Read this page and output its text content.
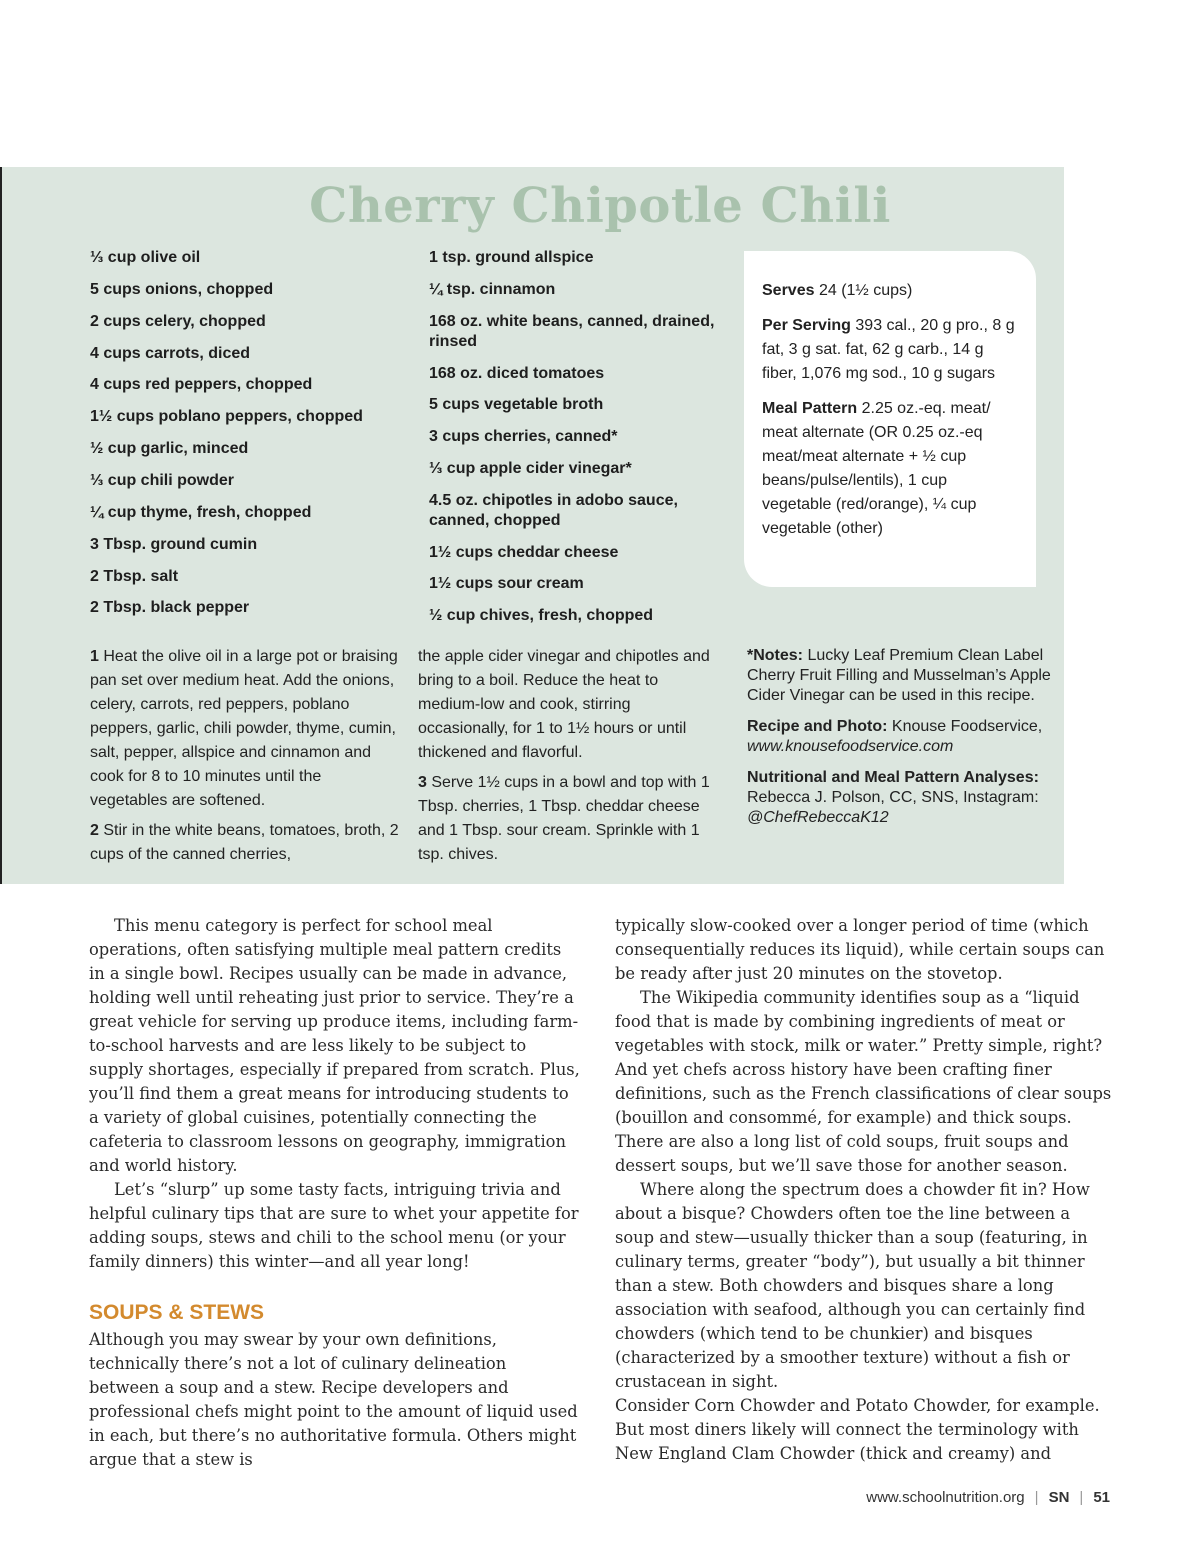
Cherry Chipotle Chili
⅓ cup olive oil
5 cups onions, chopped
2 cups celery, chopped
4 cups carrots, diced
4 cups red peppers, chopped
1½ cups poblano peppers, chopped
½ cup garlic, minced
⅓ cup chili powder
¼ cup thyme, fresh, chopped
3 Tbsp. ground cumin
2 Tbsp. salt
2 Tbsp. black pepper
1 tsp. ground allspice
¼ tsp. cinnamon
168 oz. white beans, canned, drained, rinsed
168 oz. diced tomatoes
5 cups vegetable broth
3 cups cherries, canned*
⅓ cup apple cider vinegar*
4.5 oz. chipotles in adobo sauce, canned, chopped
1½ cups cheddar cheese
1½ cups sour cream
½ cup chives, fresh, chopped

Serves 24 (1½ cups)

Per Serving 393 cal., 20 g pro., 8 g fat, 3 g sat. fat, 62 g carb., 14 g fiber, 1,076 mg sod., 10 g sugars

Meal Pattern 2.25 oz.-eq. meat/ meat alternate (OR 0.25 oz.-eq meat/meat alternate + ½ cup beans/pulse/lentils), 1 cup vegetable (red/orange), ¼ cup vegetable (other)

1 Heat the olive oil in a large pot or braising pan set over medium heat. Add the onions, celery, carrots, red peppers, poblano peppers, garlic, chili powder, thyme, cumin, salt, pepper, allspice and cinnamon and cook for 8 to 10 minutes until the vegetables are softened.

2 Stir in the white beans, tomatoes, broth, 2 cups of the canned cherries,

the apple cider vinegar and chipotles and bring to a boil. Reduce the heat to medium-low and cook, stirring occasionally, for 1 to 1½ hours or until thickened and flavorful.

3 Serve 1½ cups in a bowl and top with 1 Tbsp. cherries, 1 Tbsp. cheddar cheese and 1 Tbsp. sour cream. Sprinkle with 1 tsp. chives.

*Notes: Lucky Leaf Premium Clean Label Cherry Fruit Filling and Musselman’s Apple Cider Vinegar can be used in this recipe.

Recipe and Photo: Knouse Foodservice,
www.knousefoodservice.com

Nutritional and Meal Pattern Analyses: Rebecca J. Polson, CC, SNS, Instagram: @ChefRebeccaK12

This menu category is perfect for school meal operations, often satisfying multiple meal pattern credits in a single bowl. Recipes usually can be made in advance, holding well until reheating just prior to service. They’re a great vehicle for serving up produce items, including farm-to-school harvests and are less likely to be subject to supply shortages, especially if prepared from scratch. Plus, you’ll find them a great means for introducing students to a variety of global cuisines, potentially connecting the cafeteria to classroom lessons on geography, immigration and world history.

Let’s “slurp” up some tasty facts, intriguing trivia and helpful culinary tips that are sure to whet your appetite for adding soups, stews and chili to the school menu (or your family dinners) this winter—and all year long!

SOUPS & STEWS

Although you may swear by your own definitions, technically there’s not a lot of culinary delineation between a soup and a stew. Recipe developers and professional chefs might point to the amount of liquid used in each, but there’s no authoritative formula. Others might argue that a stew is

typically slow-cooked over a longer period of time (which consequentially reduces its liquid), while certain soups can be ready after just 20 minutes on the stovetop.

The Wikipedia community identifies soup as a “liquid food that is made by combining ingredients of meat or vegetables with stock, milk or water.” Pretty simple, right? And yet chefs across history have been crafting finer definitions, such as the French classifications of clear soups (bouillon and consommé, for example) and thick soups. There are also a long list of cold soups, fruit soups and dessert soups, but we’ll save those for another season.

Where along the spectrum does a chowder fit in? How about a bisque? Chowders often toe the line between a soup and stew—usually thicker than a soup (featuring, in culinary terms, greater “body”), but usually a bit thinner than a stew. Both chowders and bisques share a long association with seafood, although you can certainly find chowders (which tend to be chunkier) and bisques (characterized by a smoother texture) without a fish or crustacean in sight.

Consider Corn Chowder and Potato Chowder, for example. But most diners likely will connect the terminology with New England Clam Chowder (thick and creamy) and

www.schoolnutrition.org | SN | 51
